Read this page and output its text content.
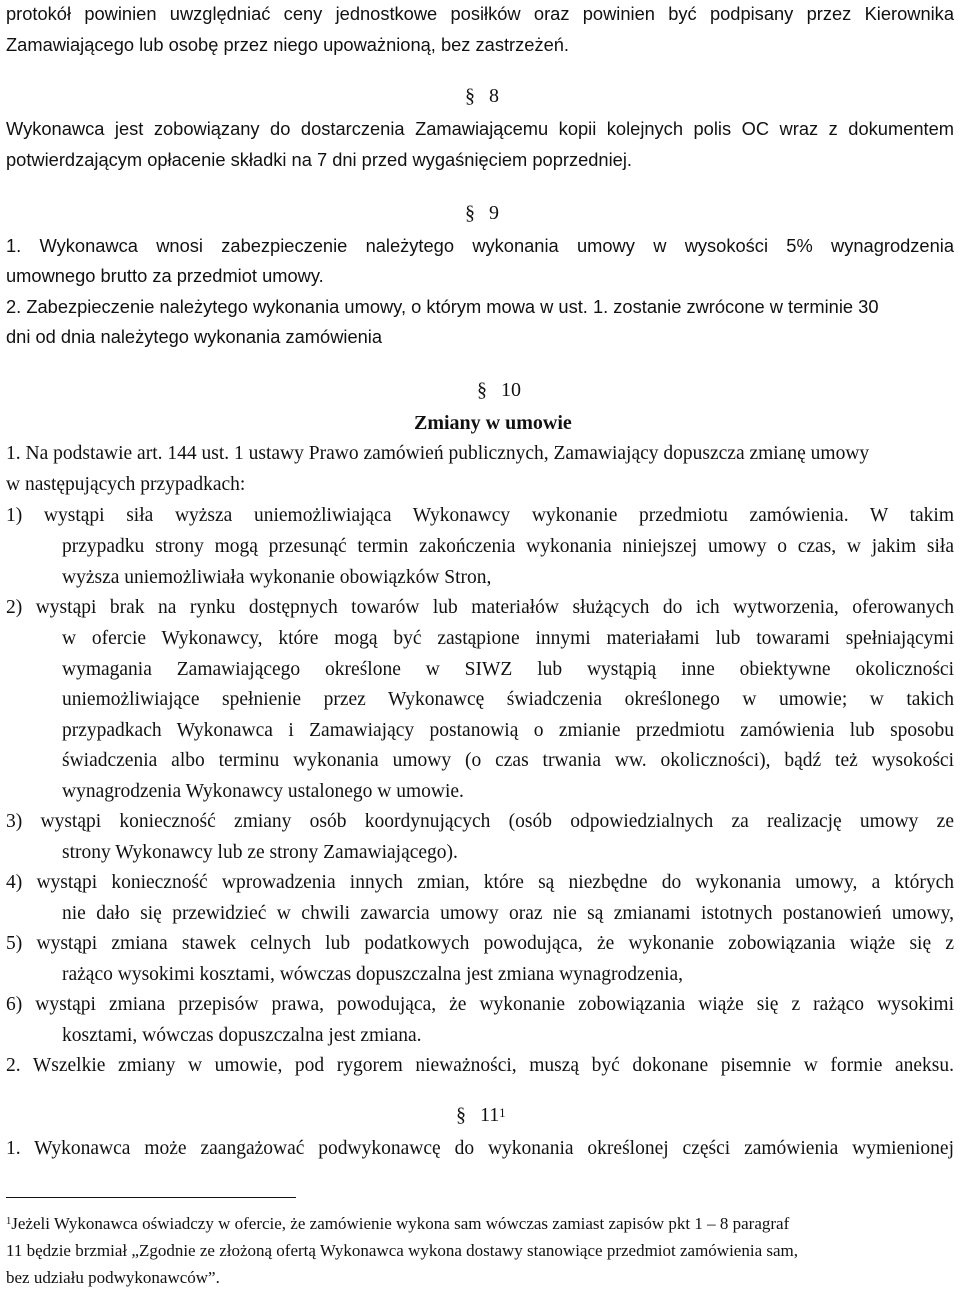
protokół powinien uwzględniać ceny jednostkowe posiłków oraz powinien być podpisany przez Kierownika
Zamawiającego lub osobę przez niego upoważnioną, bez zastrzeżeń.
§ 8
Wykonawca jest zobowiązany do dostarczenia Zamawiającemu kopii kolejnych polis OC wraz z dokumentem
potwierdzającym opłacenie składki na 7 dni przed wygaśnięciem poprzedniej.
§ 9
1. Wykonawca wnosi zabezpieczenie należytego wykonania umowy w wysokości 5% wynagrodzenia
umownego brutto za przedmiot umowy.
2. Zabezpieczenie należytego wykonania umowy, o którym mowa w ust. 1. zostanie zwrócone w terminie 30
dni od dnia należytego wykonania zamówienia
§ 10
Zmiany w umowie
1. Na podstawie art. 144 ust. 1 ustawy Prawo zamówień publicznych, Zamawiający dopuszcza zmianę umowy
w następujących przypadkach:
1) wystąpi siła wyższa uniemożliwiająca Wykonawcy wykonanie przedmiotu zamówienia. W takim
przypadku strony mogą przesunąć termin zakończenia wykonania niniejszej umowy o czas, w jakim siła
wyższa uniemożliwiała wykonanie obowiązków Stron,
2) wystąpi brak na rynku dostępnych towarów lub materiałów służących do ich wytworzenia, oferowanych
w ofercie Wykonawcy, które mogą być zastąpione innymi materiałami lub towarami spełniającymi
wymagania Zamawiającego określone w SIWZ lub wystąpią inne obiektywne okoliczności
uniemożliwiające spełnienie przez Wykonawcę świadczenia określonego w umowie; w takich
przypadkach Wykonawca i Zamawiający postanowią o zmianie przedmiotu zamówienia lub sposobu
świadczenia albo terminu wykonania umowy (o czas trwania ww. okoliczności), bądź też wysokości
wynagrodzenia Wykonawcy ustalonego w umowie.
3) wystąpi konieczność zmiany osób koordynujących (osób odpowiedzialnych za realizację umowy ze
strony Wykonawcy lub ze strony Zamawiającego).
4) wystąpi konieczność wprowadzenia innych zmian, które są niezbędne do wykonania umowy, a których
nie dało się przewidzieć w chwili zawarcia umowy oraz nie są zmianami istotnych postanowień umowy,
5) wystąpi zmiana stawek celnych lub podatkowych powodująca, że wykonanie zobowiązania wiąże się z
rażąco wysokimi kosztami, wówczas dopuszczalna jest zmiana wynagrodzenia,
6) wystąpi zmiana przepisów prawa, powodująca, że wykonanie zobowiązania wiąże się z rażąco wysokimi
kosztami, wówczas dopuszczalna jest zmiana.
2. Wszelkie zmiany w umowie, pod rygorem nieważności, muszą być dokonane pisemnie w formie aneksu.
§ $11^1$
1. Wykonawca może zaangażować podwykonawcę do wykonania określonej części zamówienia wymienionej
$^1$Jeżeli Wykonawca oświadczy w ofercie, że zamówienie wykona sam wówczas zamiast zapisów pkt 1 – 8 paragraf
11 będzie brzmiał „Zgodnie ze złożoną ofertą Wykonawca wykona dostawy stanowiące przedmiot zamówienia sam,
bez udziału podwykonawców”.
